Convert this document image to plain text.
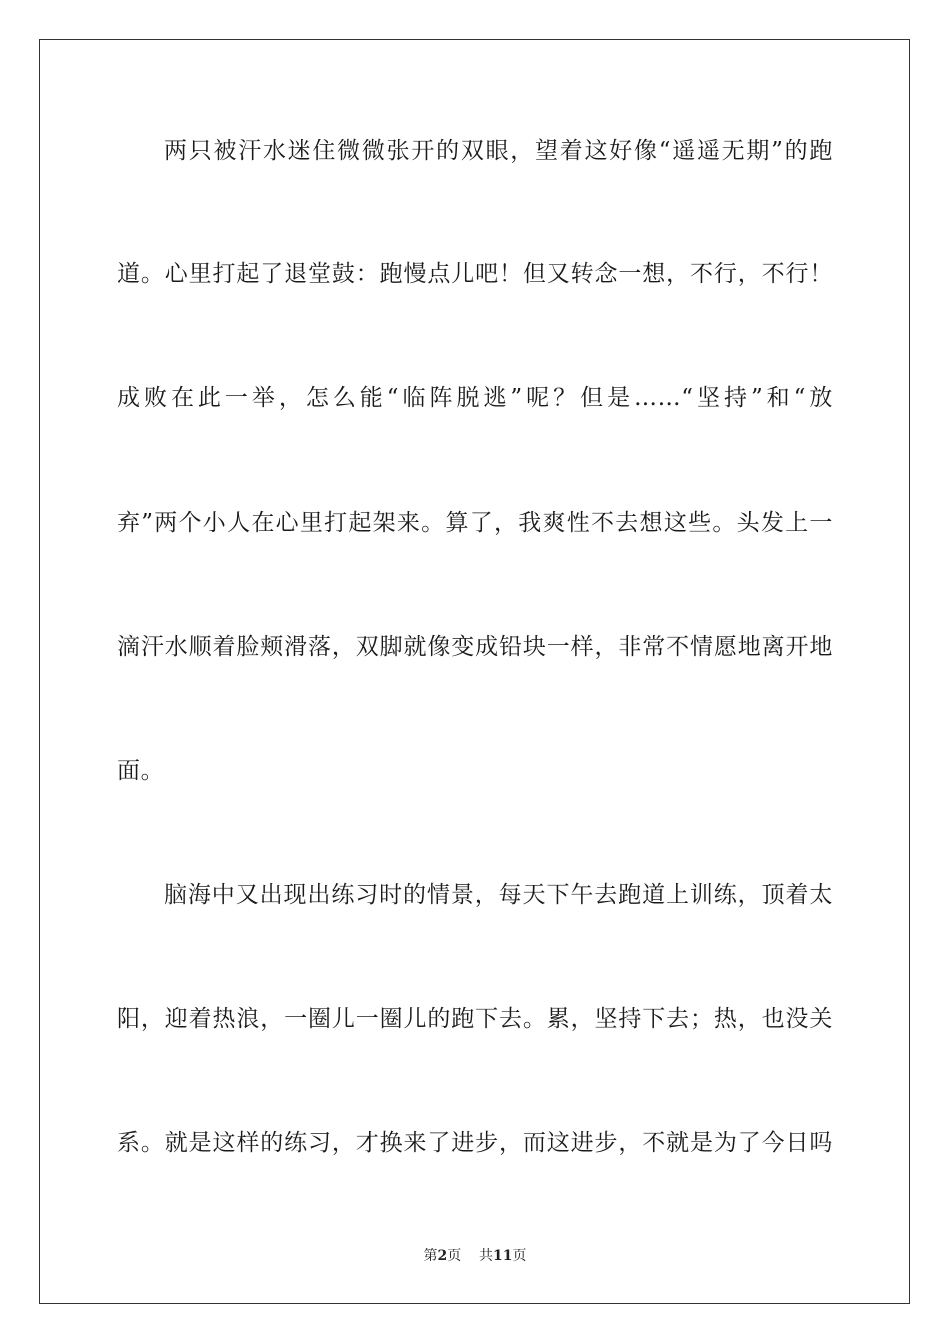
两只被汗水迷住微微张开的双眼，望着这好像“遥遥无期”的跑
道。心里打起了退堂鼓：跑慢点儿吧！但又转念一想，不行，不行！
成败在此一举，怎么能“临阵脱逃”呢？但是……“坚持”和“放
弃”两个小人在心里打起架来。算了，我爽性不去想这些。头发上一
滴汗水顺着脸颊滑落，双脚就像变成铅块一样，非常不情愿地离开地
面。
脑海中又出现出练习时的情景，每天下午去跑道上训练，顶着太
阳，迎着热浪，一圈儿一圈儿的跑下去。累，坚持下去；热，也没关
系。就是这样的练习，才换来了进步，而这进步，不就是为了今日吗
第2页 共11页
